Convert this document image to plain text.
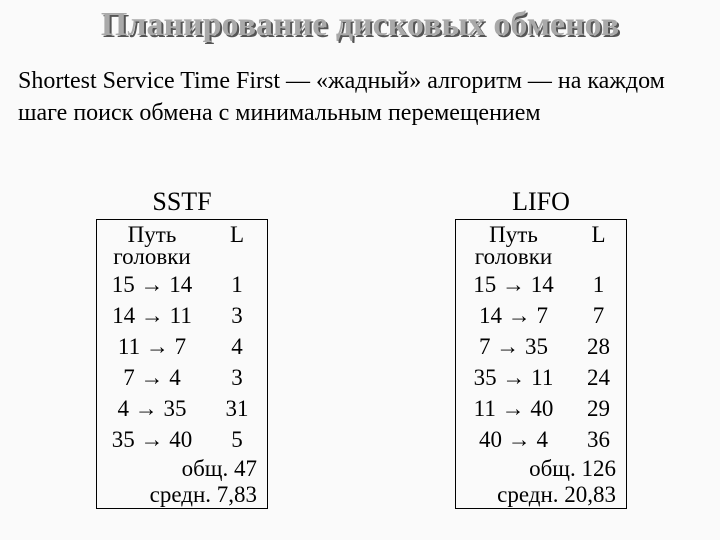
Планирование дисковых обменов
Shortest Service Time First — «жадный» алгоритм — на каждом шаге поиск обмена с минимальным перемещением
SSTF	LIFO
Путь головки	L
15 → 14	1
14 → 11	3
11 → 7	4
7 → 4	3
4 → 35	31
35 → 40	5
общ. 47	
средн. 7,83	
Путь головки	L
15 → 14	1
14 → 7	7
7 → 35	28
35 → 11	24
11 → 40	29
40 → 4	36
общ. 126	
средн. 20,83	
